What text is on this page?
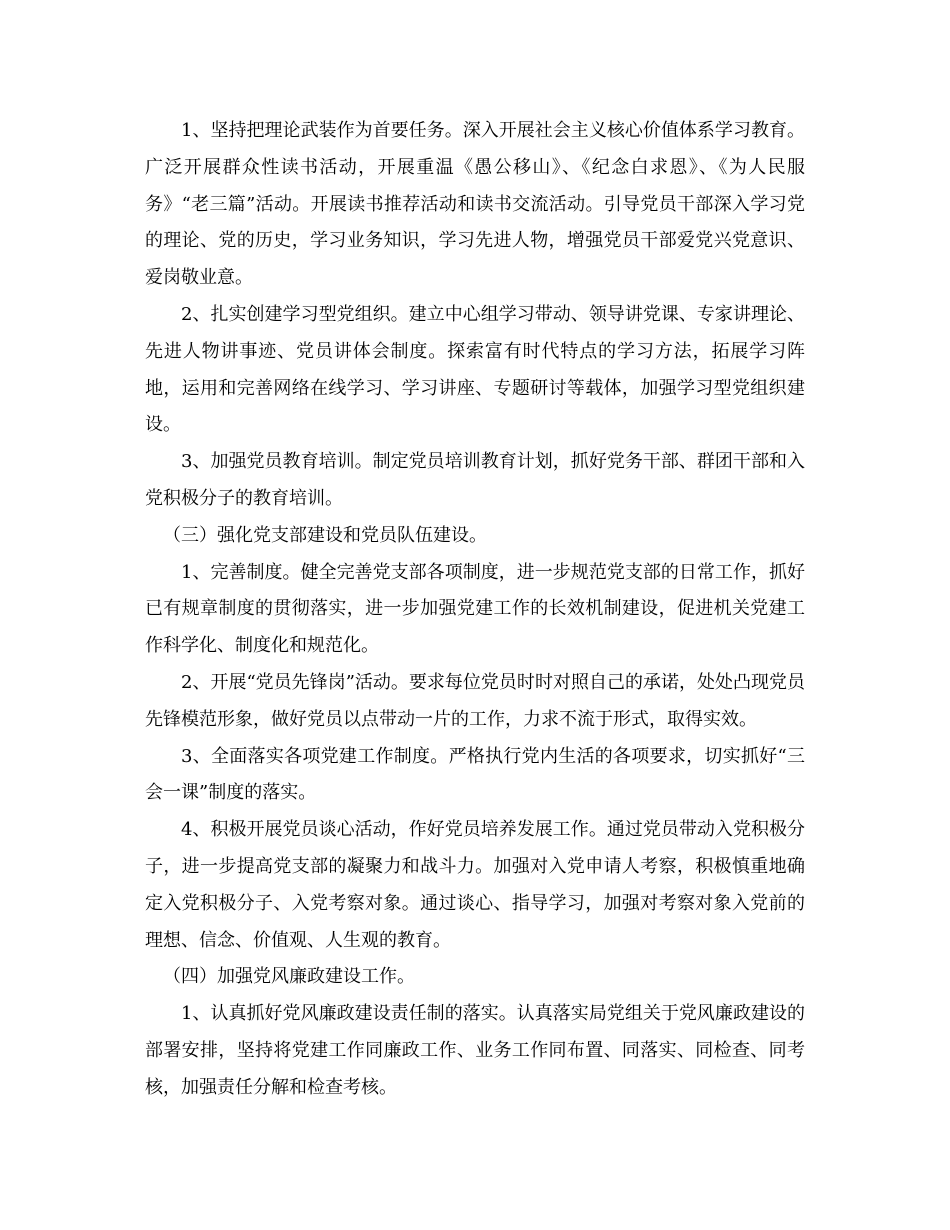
1、坚持把理论武装作为首要任务。深入开展社会主义核心价值体系学习教育。广泛开展群众性读书活动，开展重温《愚公移山》、《纪念白求恩》、《为人民服务》“老三篇”活动。开展读书推荐活动和读书交流活动。引导党员干部深入学习党的理论、党的历史，学习业务知识，学习先进人物，增强党员干部爱党兴党意识、爱岗敬业意。

2、扎实创建学习型党组织。建立中心组学习带动、领导讲党课、专家讲理论、先进人物讲事迹、党员讲体会制度。探索富有时代特点的学习方法，拓展学习阵地，运用和完善网络在线学习、学习讲座、专题研讨等载体，加强学习型党组织建设。

3、加强党员教育培训。制定党员培训教育计划，抓好党务干部、群团干部和入党积极分子的教育培训。

（三）强化党支部建设和党员队伍建设。

1、完善制度。健全完善党支部各项制度，进一步规范党支部的日常工作，抓好已有规章制度的贯彻落实，进一步加强党建工作的长效机制建设，促进机关党建工作科学化、制度化和规范化。

2、开展“党员先锋岗”活动。要求每位党员时时对照自己的承诺，处处凸现党员先锋模范形象，做好党员以点带动一片的工作，力求不流于形式，取得实效。

3、全面落实各项党建工作制度。严格执行党内生活的各项要求，切实抓好“三会一课”制度的落实。

4、积极开展党员谈心活动，作好党员培养发展工作。通过党员带动入党积极分子，进一步提高党支部的凝聚力和战斗力。加强对入党申请人考察，积极慎重地确定入党积极分子、入党考察对象。通过谈心、指导学习，加强对考察对象入党前的理想、信念、价值观、人生观的教育。

（四）加强党风廉政建设工作。

1、认真抓好党风廉政建设责任制的落实。认真落实局党组关于党风廉政建设的部署安排，坚持将党建工作同廉政工作、业务工作同布置、同落实、同检查、同考核，加强责任分解和检查考核。
